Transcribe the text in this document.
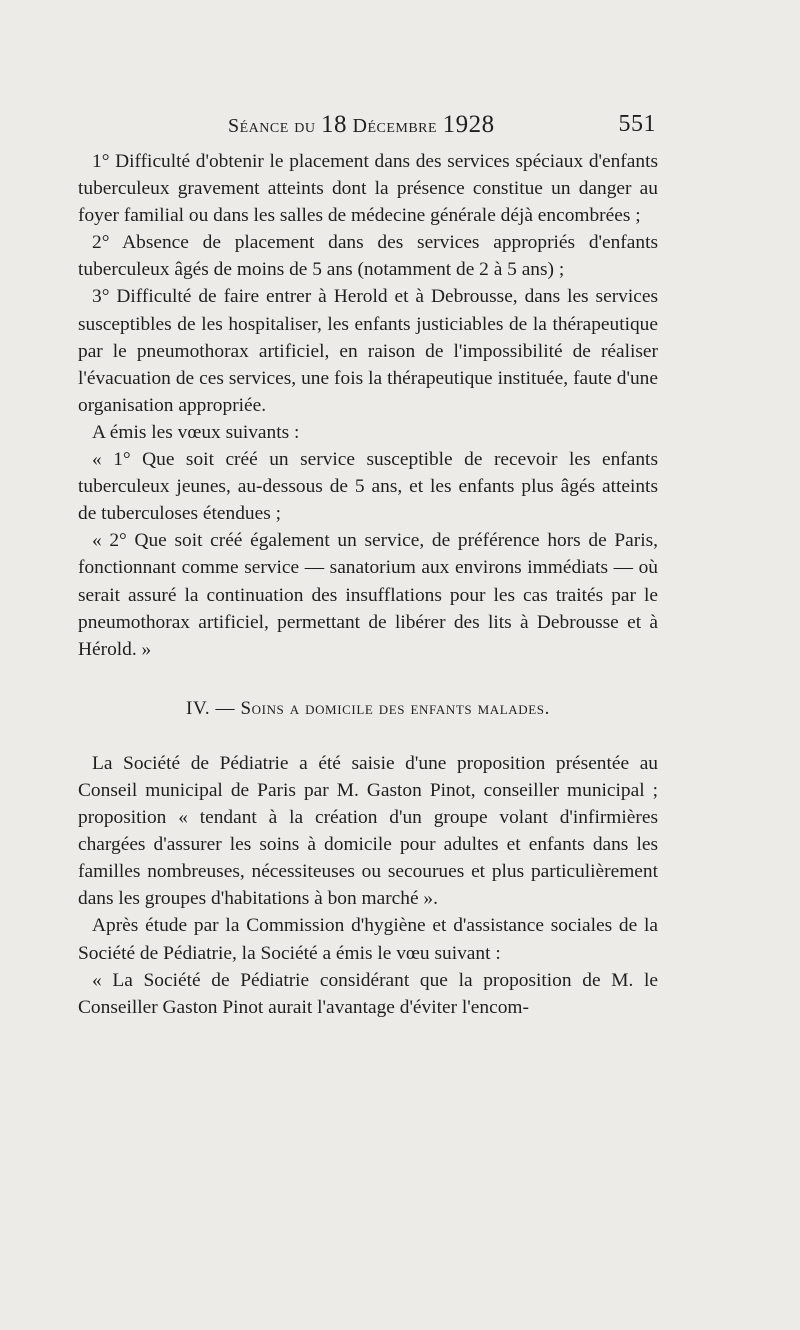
Séance du 18 Décembre 1928	551

1° Difficulté d'obtenir le placement dans des services spéciaux d'enfants tuberculeux gravement atteints dont la présence constitue un danger au foyer familial ou dans les salles de médecine générale déjà encombrées ;

2° Absence de placement dans des services appropriés d'enfants tuberculeux âgés de moins de 5 ans (notamment de 2 à 5 ans) ;

3° Difficulté de faire entrer à Herold et à Debrousse, dans les services susceptibles de les hospitaliser, les enfants justiciables de la thérapeutique par le pneumothorax artificiel, en raison de l'impossibilité de réaliser l'évacuation de ces services, une fois la thérapeutique instituée, faute d'une organisation appropriée.

A émis les vœux suivants :

« 1° Que soit créé un service susceptible de recevoir les enfants tuberculeux jeunes, au-dessous de 5 ans, et les enfants plus âgés atteints de tuberculoses étendues ;

« 2° Que soit créé également un service, de préférence hors de Paris, fonctionnant comme service — sanatorium aux environs immédiats — où serait assuré la continuation des insufflations pour les cas traités par le pneumothorax artificiel, permettant de libérer des lits à Debrousse et à Hérold. »

IV. — Soins a domicile des enfants malades.

La Société de Pédiatrie a été saisie d'une proposition présentée au Conseil municipal de Paris par M. Gaston Pinot, conseiller municipal ; proposition « tendant à la création d'un groupe volant d'infirmières chargées d'assurer les soins à domicile pour adultes et enfants dans les familles nombreuses, nécessiteuses ou secourues et plus particulièrement dans les groupes d'habitations à bon marché ».

Après étude par la Commission d'hygiène et d'assistance sociales de la Société de Pédiatrie, la Société a émis le vœu suivant :

« La Société de Pédiatrie considérant que la proposition de M. le Conseiller Gaston Pinot aurait l'avantage d'éviter l'encom-
